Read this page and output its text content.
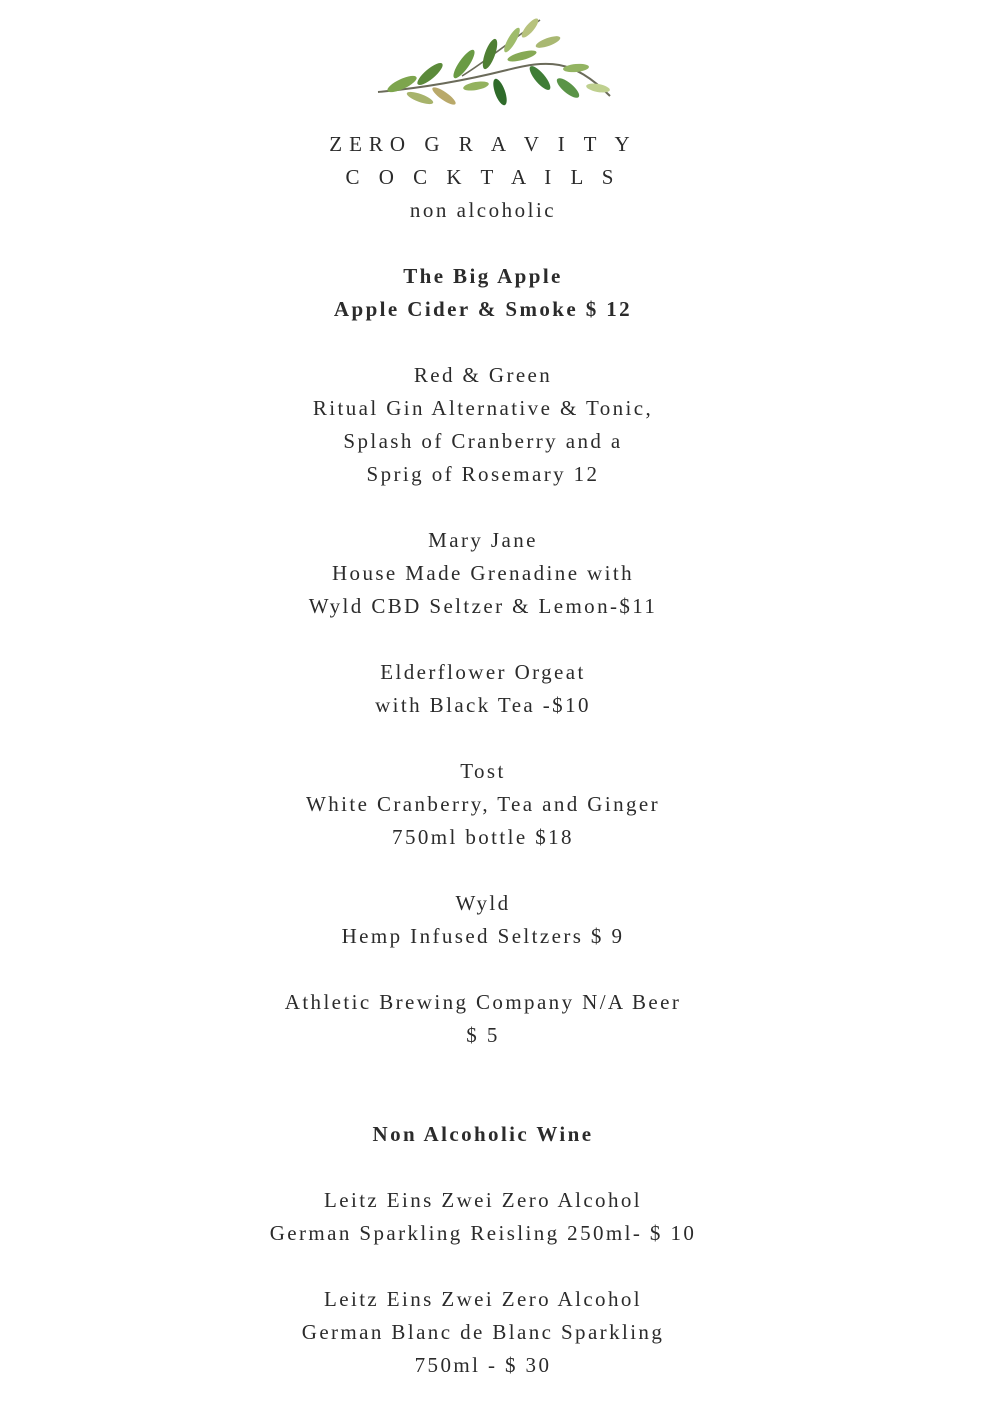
ZERO G R A V I T Y
C O C K T A I L S
non alcoholic
The Big Apple
Apple Cider & Smoke $ 12
Red & Green
Ritual Gin Alternative & Tonic,
Splash of Cranberry and a
Sprig of Rosemary 12
Mary Jane
House Made Grenadine with
Wyld CBD Seltzer & Lemon-$11
Elderflower Orgeat
with Black Tea -$10
Tost
White Cranberry, Tea and Ginger
750ml bottle $18
Wyld
Hemp Infused Seltzers $ 9
Athletic Brewing Company N/A Beer
$ 5
Non Alcoholic Wine
Leitz Eins Zwei Zero Alcohol
German Sparkling Reisling 250ml- $ 10
Leitz Eins Zwei Zero Alcohol
German Blanc de Blanc Sparkling
750ml - $ 30
